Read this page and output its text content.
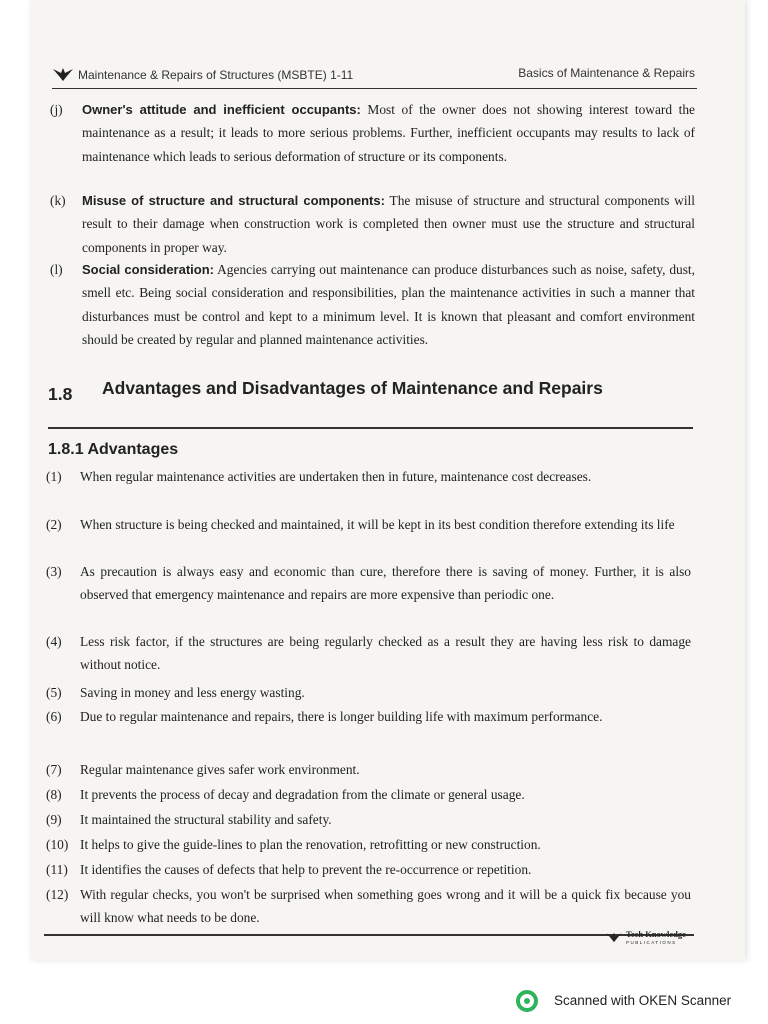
Maintenance & Repairs of Structures (MSBTE) 1-11	Basics of Maintenance & Repairs
(j) Owner's attitude and inefficient occupants: Most of the owner does not showing interest toward the maintenance as a result; it leads to more serious problems. Further, inefficient occupants may results to lack of maintenance which leads to serious deformation of structure or its components.
(k) Misuse of structure and structural components: The misuse of structure and structural components will result to their damage when construction work is completed then owner must use the structure and structural components in proper way.
(l) Social consideration: Agencies carrying out maintenance can produce disturbances such as noise, safety, dust, smell etc. Being social consideration and responsibilities, plan the maintenance activities in such a manner that disturbances must be control and kept to a minimum level. It is known that pleasant and comfort environment should be created by regular and planned maintenance activities.
1.8 Advantages and Disadvantages of Maintenance and Repairs
1.8.1 Advantages
(1) When regular maintenance activities are undertaken then in future, maintenance cost decreases.
(2) When structure is being checked and maintained, it will be kept in its best condition therefore extending its life
(3) As precaution is always easy and economic than cure, therefore there is saving of money. Further, it is also observed that emergency maintenance and repairs are more expensive than periodic one.
(4) Less risk factor, if the structures are being regularly checked as a result they are having less risk to damage without notice.
(5) Saving in money and less energy wasting.
(6) Due to regular maintenance and repairs, there is longer building life with maximum performance.
(7) Regular maintenance gives safer work environment.
(8) It prevents the process of decay and degradation from the climate or general usage.
(9) It maintained the structural stability and safety.
(10) It helps to give the guide-lines to plan the renovation, retrofitting or new construction.
(11) It identifies the causes of defects that help to prevent the re-occurrence or repetition.
(12) With regular checks, you won't be surprised when something goes wrong and it will be a quick fix because you will know what needs to be done.
Tech Knowledge
PUBLICATIONS
Scanned with OKEN Scanner
